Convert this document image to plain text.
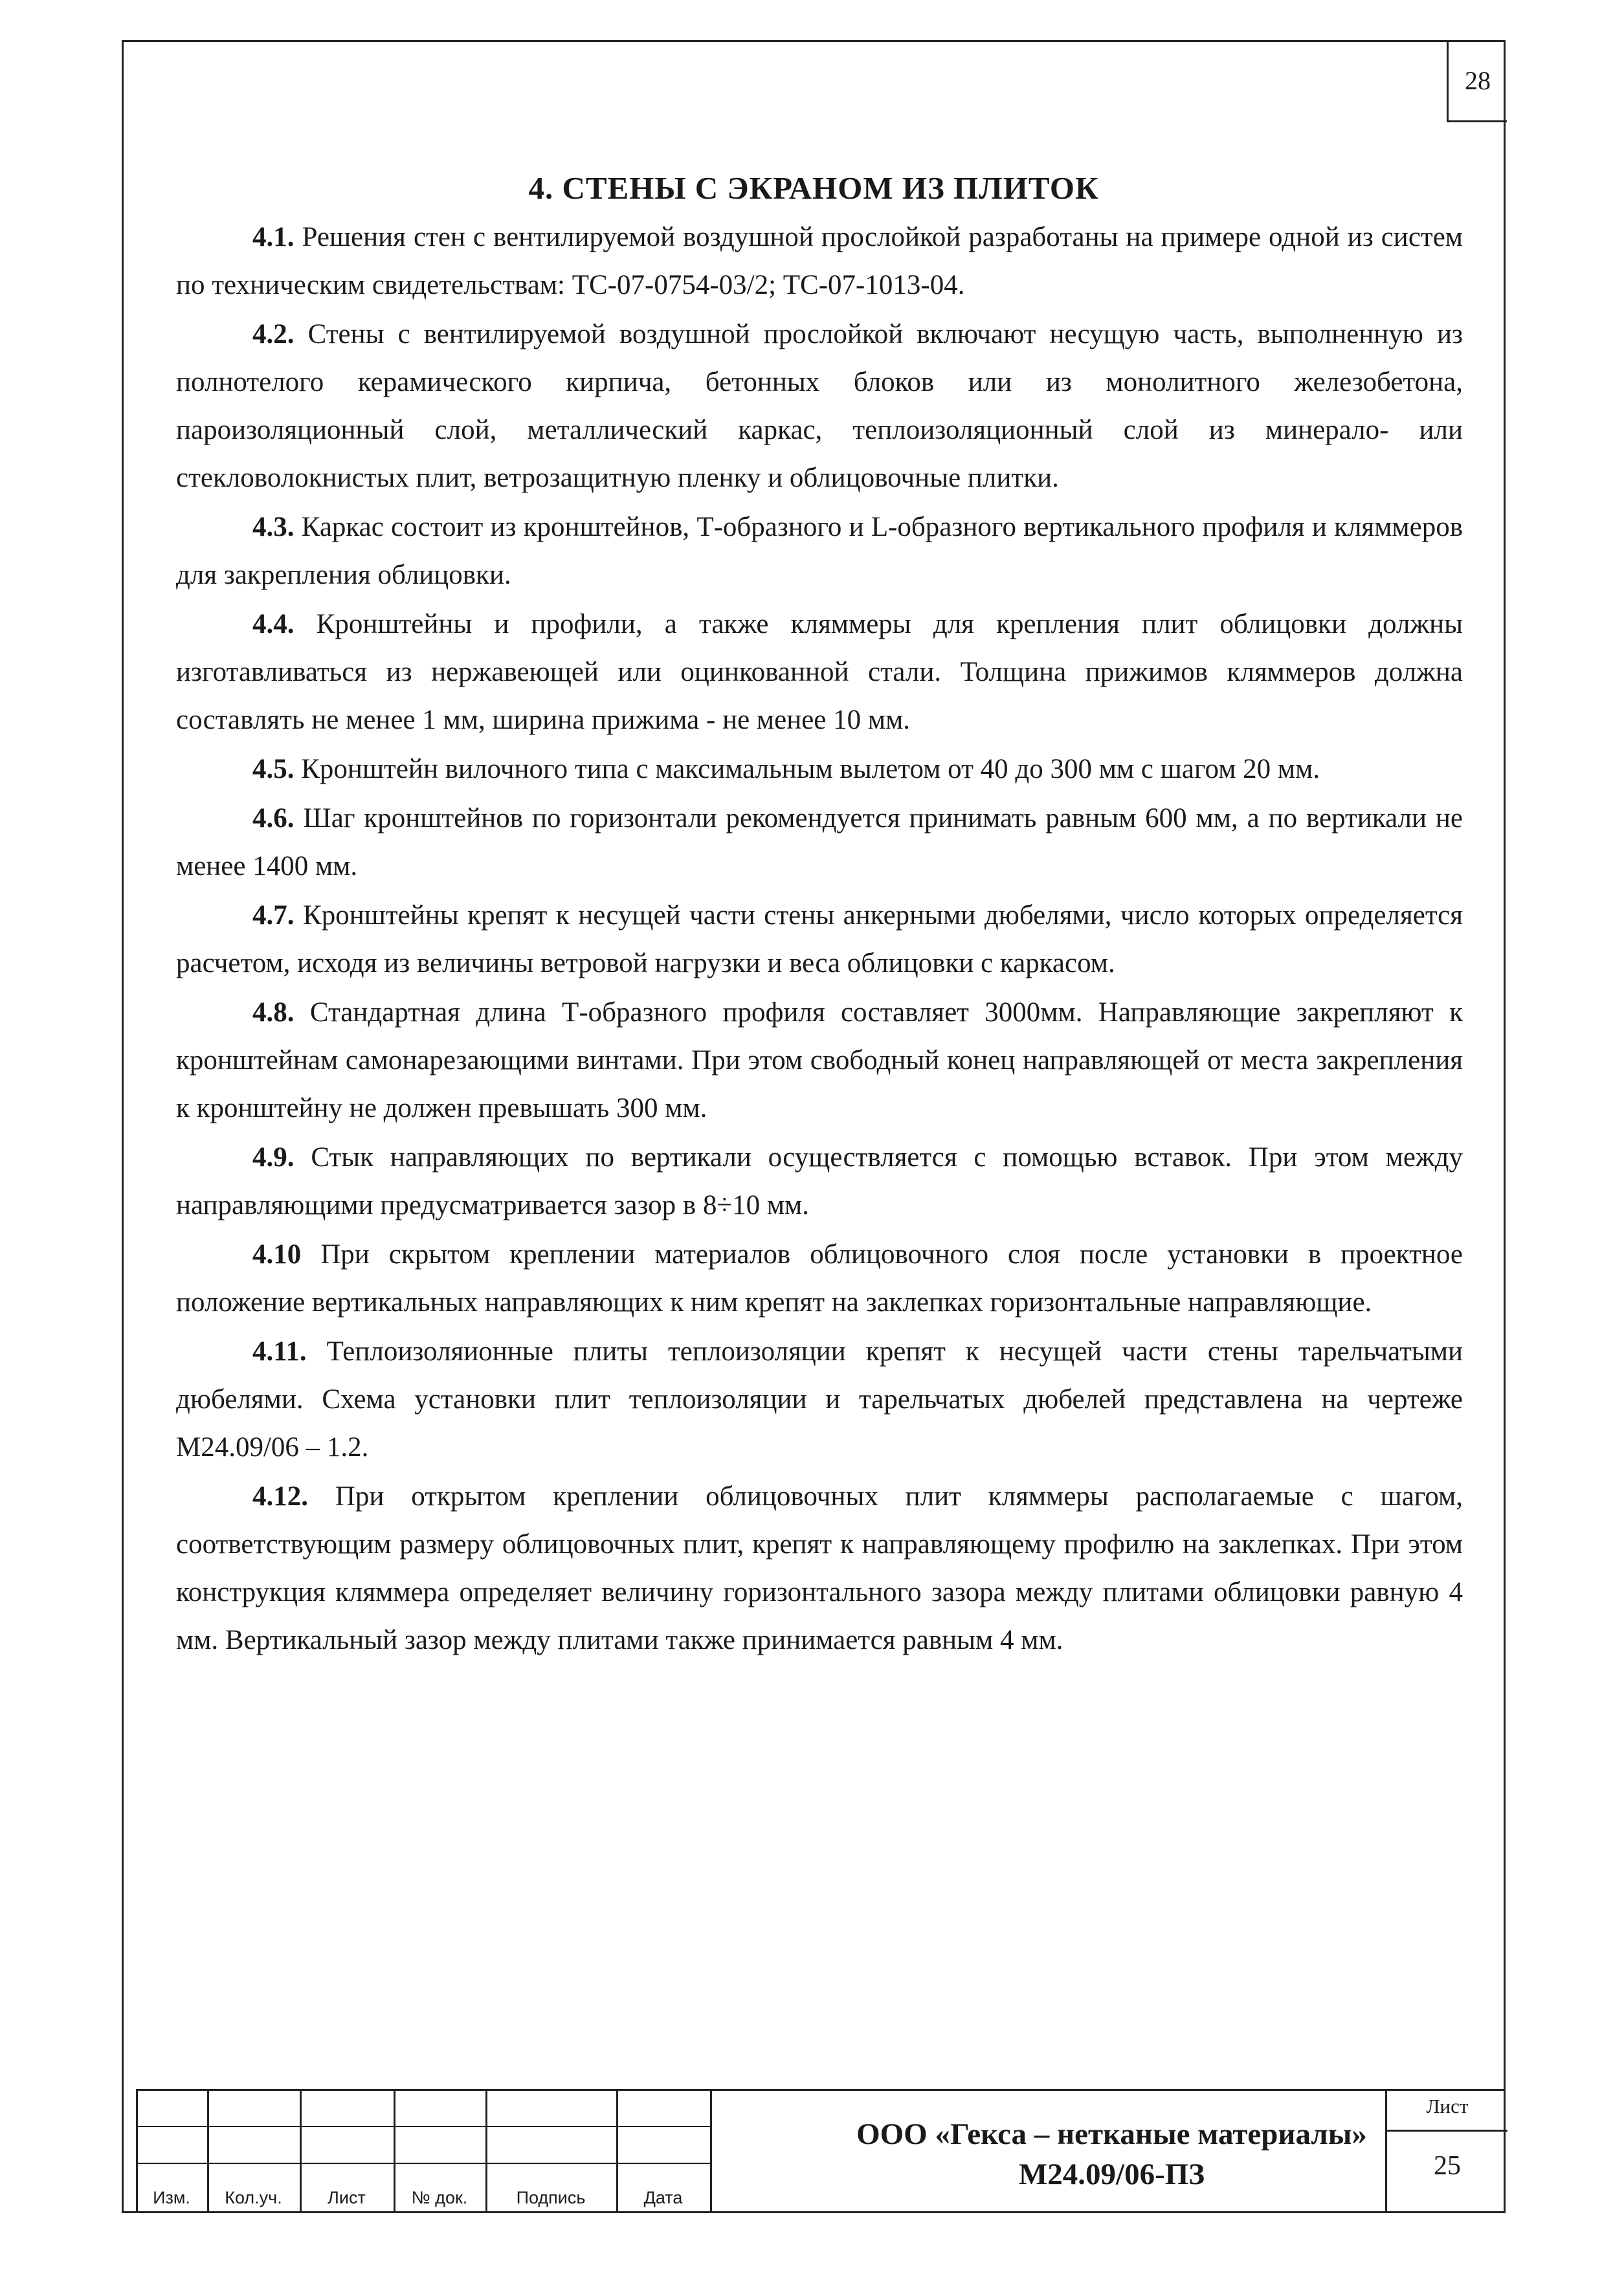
28
4. СТЕНЫ С ЭКРАНОМ ИЗ ПЛИТОК

4.1. Решения стен с вентилируемой воздушной прослойкой разработаны на примере одной из систем по техническим свидетельствам: ТС-07-0754-03/2; ТС-07-1013-04.

4.2. Стены с вентилируемой воздушной прослойкой включают несущую часть, выполненную из полнотелого керамического кирпича, бетонных блоков или из монолитного железобетона, пароизоляционный слой, металлический каркас, теплоизоляционный слой из минерало- или стекловолокнистых плит, ветрозащитную пленку и облицовочные плитки.

4.3. Каркас состоит из кронштейнов, Т-образного и L-образного вертикального профиля и кляммеров для закрепления облицовки.

4.4. Кронштейны и профили, а также кляммеры для крепления плит облицовки должны изготавливаться из нержавеющей или оцинкованной стали. Толщина прижимов кляммеров должна составлять не менее 1 мм, ширина прижима - не менее 10 мм.

4.5. Кронштейн вилочного типа с максимальным вылетом от 40 до 300 мм с шагом 20 мм.

4.6. Шаг кронштейнов по горизонтали рекомендуется принимать равным 600 мм, а по вертикали не менее 1400 мм.

4.7. Кронштейны крепят к несущей части стены анкерными дюбелями, число которых определяется расчетом, исходя из величины ветровой нагрузки и веса облицовки с каркасом.

4.8. Стандартная длина Т-образного профиля составляет 3000мм. Направляющие закрепляют к кронштейнам самонарезающими винтами. При этом свободный конец направляющей от места закрепления к кронштейну не должен превышать 300 мм.

4.9. Стык направляющих по вертикали осуществляется с помощью вставок. При этом между направляющими предусматривается зазор в 8÷10 мм.

4.10 При скрытом креплении материалов облицовочного слоя после установки в проектное положение вертикальных направляющих к ним крепят на заклепках горизонтальные направляющие.

4.11. Теплоизоляионные плиты теплоизоляции крепят к несущей части стены тарельчатыми дюбелями. Схема установки плит теплоизоляции и тарельчатых дюбелей представлена на чертеже М24.09/06 – 1.2.

4.12. При открытом креплении облицовочных плит кляммеры располагаемые с шагом, соответствующим размеру облицовочных плит, крепят к направляющему профилю на заклепках. При этом конструкция кляммера определяет величину горизонтального зазора между плитами облицовки равную 4 мм. Вертикальный зазор между плитами также принимается равным 4 мм.

Изм.	Кол.уч.	Лист	№ док.	Подпись	Дата
ООО «Гекса – нетканые материалы»
М24.09/06-ПЗ
Лист
25
